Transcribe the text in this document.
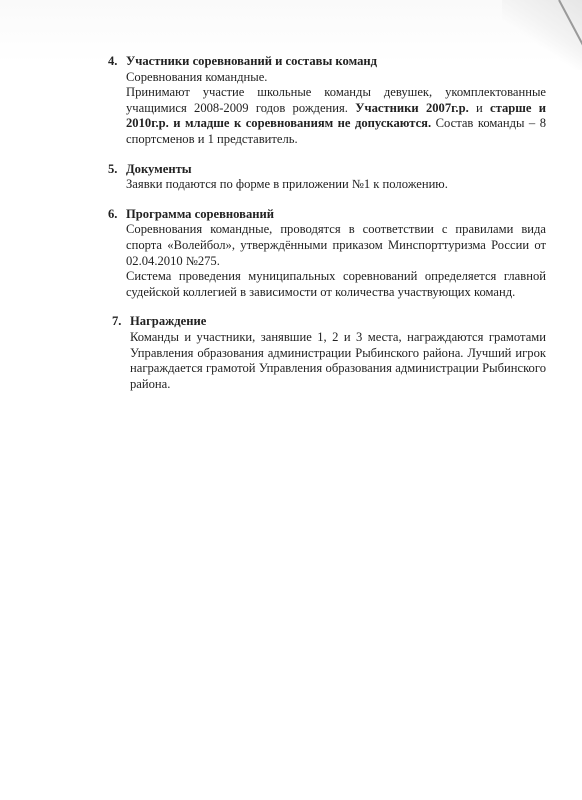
4. Участники соревнований и составы команд
Соревнования командные.
Принимают участие школьные команды девушек, укомплектованные учащимися 2008-2009 годов рождения. Участники 2007г.р. и старше и 2010г.р. и младше к соревнованиям не допускаются. Состав команды – 8 спортсменов и 1 представитель.
5. Документы
Заявки подаются по форме в приложении №1 к положению.
6. Программа соревнований
Соревнования командные, проводятся в соответствии с правилами вида спорта «Волейбол», утверждёнными приказом Минспорттуризма России от 02.04.2010 №275.
Система проведения муниципальных соревнований определяется главной судейской коллегией в зависимости от количества участвующих команд.
7. Награждение
Команды и участники, занявшие 1, 2 и 3 места, награждаются грамотами Управления образования администрации Рыбинского района. Лучший игрок награждается грамотой Управления образования администрации Рыбинского района.
